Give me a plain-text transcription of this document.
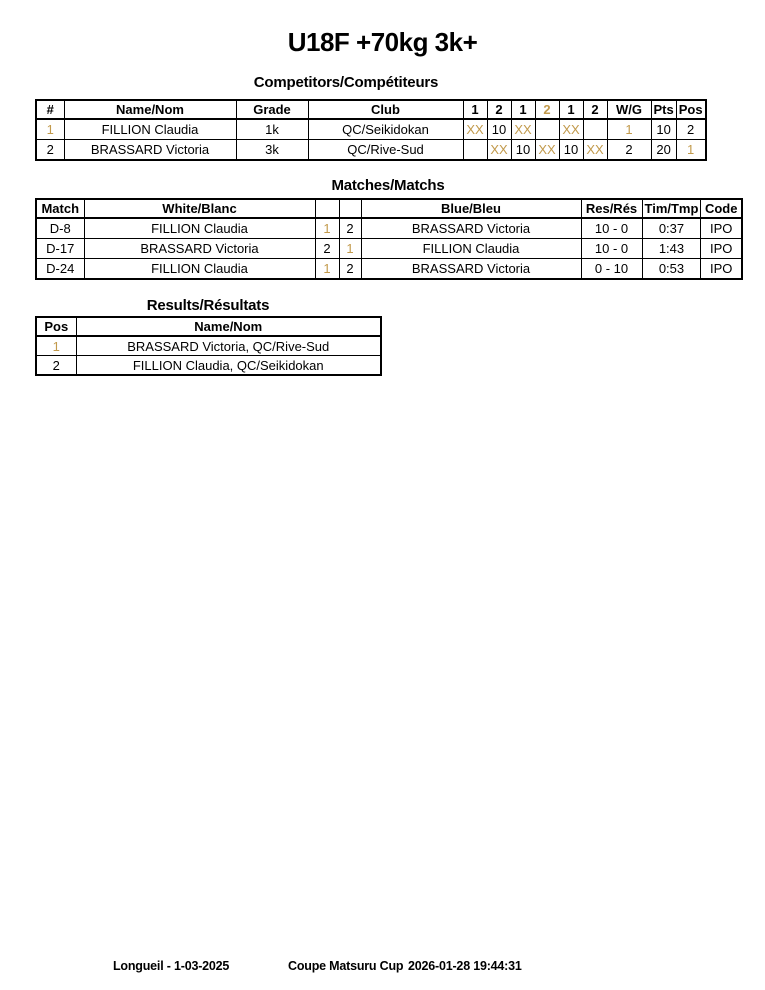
U18F +70kg 3k+
Competitors/Compétiteurs
#	Name/Nom	Grade	Club	1	2	1	2	1	2	W/G	Pts	Pos
1	FILLION Claudia	1k	QC/Seikidokan	XX	10	XX		XX		1	10	2
2	BRASSARD Victoria	3k	QC/Rive-Sud		XX	10	XX	10	XX	2	20	1
Matches/Matchs
Match	White/Blanc			Blue/Bleu	Res/Rés	Tim/Tmp	Code
D-8	FILLION Claudia	1	2	BRASSARD Victoria	10 - 0	0:37	IPO
D-17	BRASSARD Victoria	2	1	FILLION Claudia	10 - 0	1:43	IPO
D-24	FILLION Claudia	1	2	BRASSARD Victoria	0 - 10	0:53	IPO
Results/Résultats
Pos	Name/Nom
1	BRASSARD Victoria, QC/Rive-Sud
2	FILLION Claudia, QC/Seikidokan
Longueil - 1-03-2025	Coupe Matsuru Cup 2026-01-28 19:44:31
